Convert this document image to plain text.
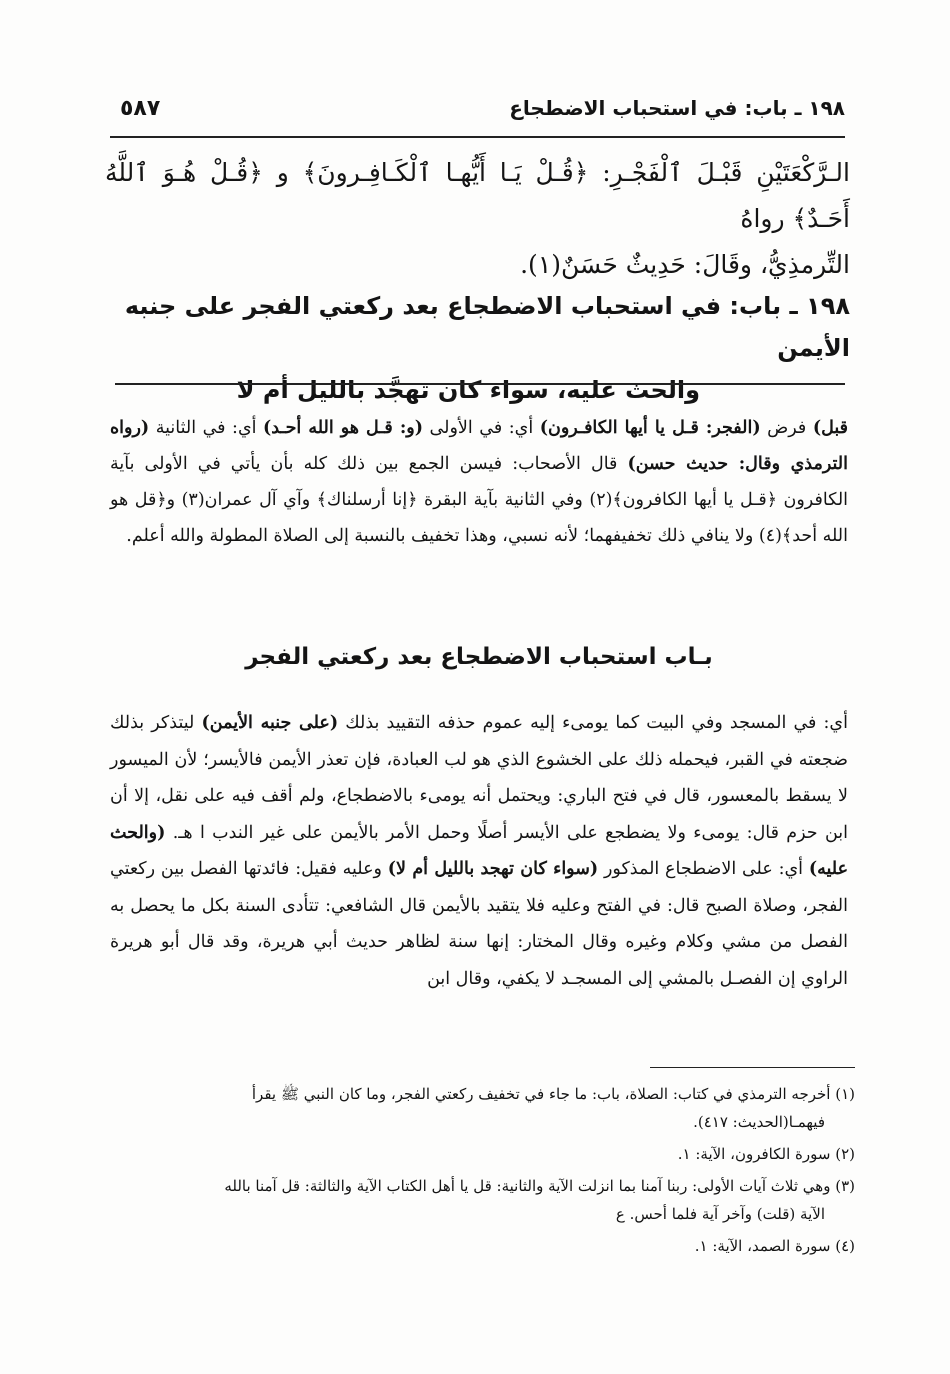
٥٨٧	١٩٨ ـ باب: في استحباب الاضطجاع
الـرَّكْعَتَيْنِ قَبْـلَ ٱلْفَجْـرِ: ﴿قُـلْ يَـا أَيُّهـا ٱلْكَـافِـرونَ﴾ و ﴿قُـلْ هُـوَ ٱللَّهُ أَحَـدٌ﴾ رواهُ
التِّرمذِيُّ، وقَالَ: حَدِيثٌ حَسَنٌ(١).
١٩٨ ـ باب: في استحباب الاضطجاع بعد ركعتي الفجر على جنبه الأيمن
والحث عليه، سواء كان تهجَّد بالليل أم لا
قبل) فرض (الفجر: قـل يا أيها الكافـرون) أي: في الأولى (و: قـل هو الله أحـد) أي: في الثانية (رواه الترمذي وقال: حديث حسن) قال الأصحاب: فيسن الجمع بين ذلك كله بأن يأتي في الأولى بآية الكافرون ﴿قـل يا أيها الكافرون﴾(٢) وفي الثانية بآية البقرة ﴿إنا أرسلناك﴾ وآي آل عمران(٣) و﴿قل هو الله أحد﴾(٤) ولا ينافي ذلك تخفيفهما؛ لأنه نسبي، وهذا تخفيف بالنسبة إلى الصلاة المطولة والله أعلم.
بـاب استحباب الاضطجاع بعد ركعتي الفجر
أي: في المسجد وفي البيت كما يومىء إليه عموم حذفه التقييد بذلك (على جنبه الأيمن) ليتذكر بذلك ضجعته في القبر، فيحمله ذلك على الخشوع الذي هو لب العبادة، فإن تعذر الأيمن فالأيسر؛ لأن الميسور لا يسقط بالمعسور، قال في فتح الباري: ويحتمل أنه يومىء بالاضطجاع، ولم أقف فيه على نقل، إلا أن ابن حزم قال: يومىء ولا يضطجع على الأيسر أصلًا وحمل الأمر بالأيمن على غير الندب ا هـ. (والحث عليه) أي: على الاضطجاع المذكور (سواء كان تهجد بالليل أم لا) وعليه فقيل: فائدتها الفصل بين ركعتي الفجر، وصلاة الصبح قال: في الفتح وعليه فلا يتقيد بالأيمن قال الشافعي: تتأدى السنة بكل ما يحصل به الفصل من مشي وكلام وغيره وقال المختار: إنها سنة لظاهر حديث أبي هريرة، وقد قال أبو هريرة الراوي إن الفصـل بالمشي إلى المسجـد لا يكفي، وقال ابن
(١) أخرجه الترمذي في كتاب: الصلاة، باب: ما جاء في تخفيف ركعتي الفجر، وما كان النبي ﷺ يقرأ
فيهمـا(الحديث: ٤١٧).
(٢) سورة الكافرون، الآية: ١.
(٣) وهي ثلاث آيات الأولى: ربنا آمنا بما انزلت الآية والثانية: قل يا أهل الكتاب الآية والثالثة: قل آمنا بالله
الآية (قلت) وآخر آية فلما أحس. ع
(٤) سورة الصمد، الآية: ١.
